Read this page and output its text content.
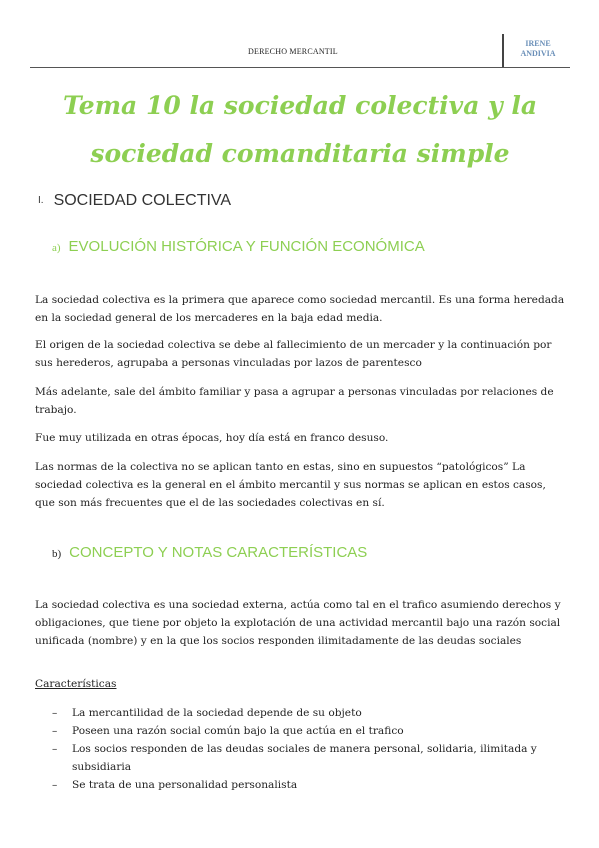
DERECHO MERCANTIL
IRENE
ANDIVIA
Tema 10 la sociedad colectiva y la
sociedad comanditaria simple
I. SOCIEDAD COLECTIVA
a) EVOLUCIÓN HISTÓRICA Y FUNCIÓN ECONÓMICA
La sociedad colectiva es la primera que aparece como sociedad mercantil. Es una forma heredada en la sociedad general de los mercaderes en la baja edad media.
El origen de la sociedad colectiva se debe al fallecimiento de un mercader y la continuación por sus herederos, agrupaba a personas vinculadas por lazos de parentesco
Más adelante, sale del ámbito familiar y pasa a agrupar a personas vinculadas por relaciones de trabajo.
Fue muy utilizada en otras épocas, hoy día está en franco desuso.
Las normas de la colectiva no se aplican tanto en estas, sino en supuestos “patológicos” La sociedad colectiva es la general en el ámbito mercantil y sus normas se aplican en estos casos, que son más frecuentes que el de las sociedades colectivas en sí.
b) CONCEPTO Y NOTAS CARACTERÍSTICAS
La sociedad colectiva es una sociedad externa, actúa como tal en el trafico asumiendo derechos y obligaciones, que tiene por objeto la explotación de una actividad mercantil bajo una razón social unificada (nombre) y en la que los socios responden ilimitadamente de las deudas sociales
Características
– La mercantilidad de la sociedad depende de su objeto
– Poseen una razón social común bajo la que actúa en el trafico
– Los socios responden de las deudas sociales de manera personal, solidaria, ilimitada y subsidiaria
– Se trata de una personalidad personalista
